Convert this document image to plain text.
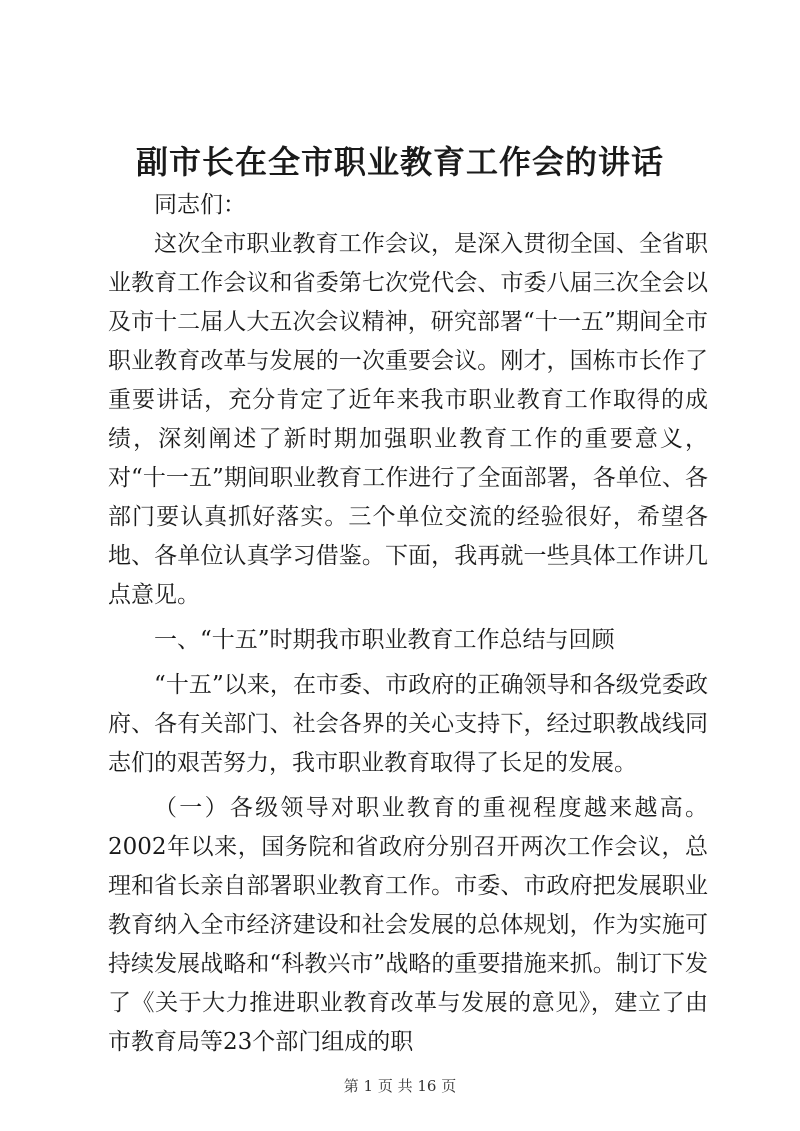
副市长在全市职业教育工作会的讲话

同志们：

这次全市职业教育工作会议，是深入贯彻全国、全省职业教育工作会议和省委第七次党代会、市委八届三次全会以及市十二届人大五次会议精神，研究部署“十一五”期间全市职业教育改革与发展的一次重要会议。刚才，国栋市长作了重要讲话，充分肯定了近年来我市职业教育工作取得的成绩，深刻阐述了新时期加强职业教育工作的重要意义，对“十一五”期间职业教育工作进行了全面部署，各单位、各部门要认真抓好落实。三个单位交流的经验很好，希望各地、各单位认真学习借鉴。下面，我再就一些具体工作讲几点意见。

一、“十五”时期我市职业教育工作总结与回顾

“十五”以来，在市委、市政府的正确领导和各级党委政府、各有关部门、社会各界的关心支持下，经过职教战线同志们的艰苦努力，我市职业教育取得了长足的发展。

（一）各级领导对职业教育的重视程度越来越高。2002年以来，国务院和省政府分别召开两次工作会议，总理和省长亲自部署职业教育工作。市委、市政府把发展职业教育纳入全市经济建设和社会发展的总体规划，作为实施可持续发展战略和“科教兴市”战略的重要措施来抓。制订下发了《关于大力推进职业教育改革与发展的意见》，建立了由市教育局等23个部门组成的职

第 1 页 共 16 页
